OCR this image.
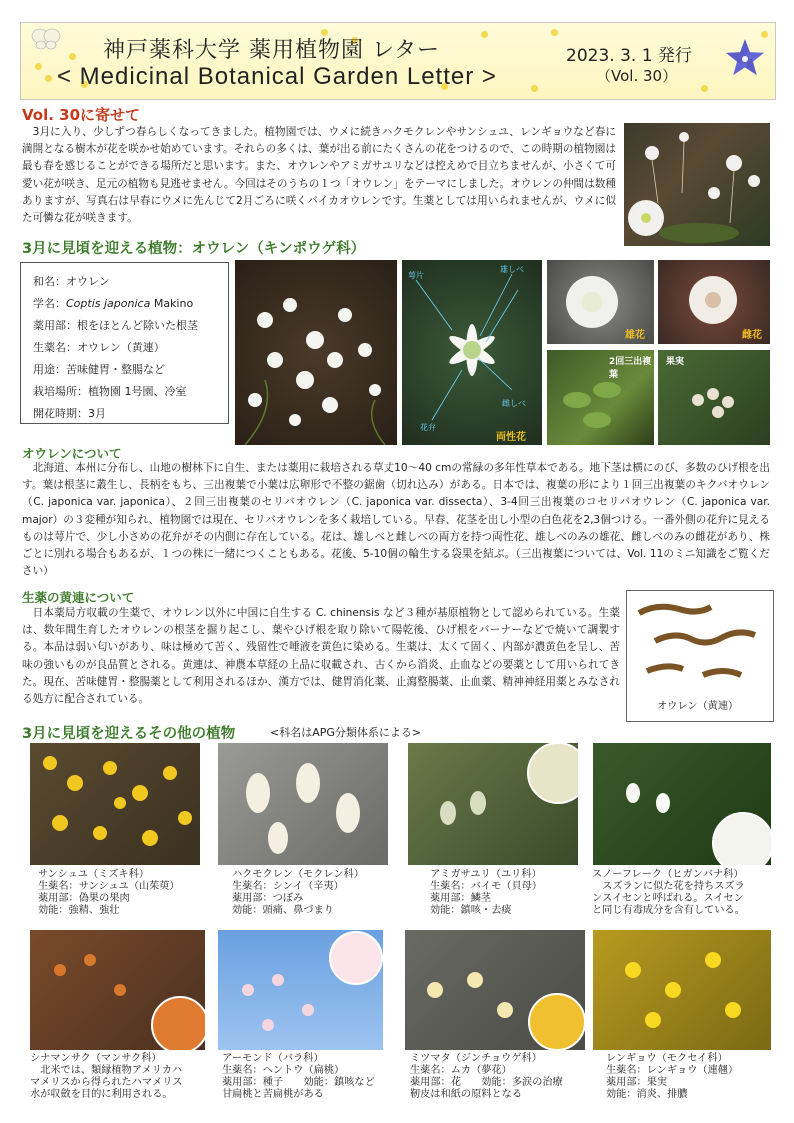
神戸薬科大学 薬用植物園 レター
< Medicinal Botanical Garden Letter >
2023. 3. 1 発行
（Vol. 30）
Vol. 30に寄せて
3月に入り、少しずつ春らしくなってきました。植物園では、ウメに続きハクモクレンやサンシュユ、レンギョウなど春に満開となる樹木が花を咲かせ始めています。それらの多くは、葉が出る前にたくさんの花をつけるので、この時期の植物園は最も春を感じることができる場所だと思います。また、オウレンやアミガサユリなどは控えめで目立ちませんが、小さくて可愛い花が咲き、足元の植物も見逃せません。今回はそのうちの１つ「オウレン」をテーマにしました。オウレンの仲間は数種ありますが、写真右は早春にウメに先んじて2月ごろに咲くバイカオウレンです。生薬としては用いられませんが、ウメに似た可憐な花が咲きます。
3月に見頃を迎える植物：オウレン（キンポウゲ科）
和名：オウレン
学名：Coptis japonica Makino
薬用部：根をほとんど除いた根茎
生薬名：オウレン（黄連）
用途：苦味健胃・整腸など
栽培場所：植物園 1号園、冷室
開花時期：3月
萼片
雄しべ
雌しべ
花弁
両性花
雄花	雌花
2回三出複葉
果実
オウレンについて
北海道、本州に分布し、山地の樹林下に自生、または薬用に栽培される草丈10～40 cmの常緑の多年性草本である。地下茎は横にのび、多数のひげ根を出す。葉は根茎に叢生し、長柄をもち、三出複葉で小葉は広卵形で不整の鋸歯（切れ込み）がある。日本では、複葉の形により１回三出複葉のキクバオウレン（C. japonica var. japonica）、２回三出複葉のセリバオウレン（C. japonica var. dissecta）、3-4回三出複葉のコセリバオウレン（C. japonica var. major）の３変種が知られ、植物園では現在、セリバオウレンを多く栽培している。早春、花茎を出し小型の白色花を2,3個つける。一番外側の花弁に見えるものは萼片で、少し小さめの花弁がその内側に存在している。花は、雄しべと雌しべの両方を持つ両性花、雄しべのみの雄花、雌しべのみの雌花があり、株ごとに別れる場合もあるが、１つの株に一緒につくこともある。花後、5-10個の輪生する袋果を結ぶ。（三出複葉については、Vol. 11のミニ知識をご覧ください）
生薬の黄連について
日本薬局方収載の生薬で、オウレン以外に中国に自生する C. chinensis など３種が基原植物として認められている。生薬は、数年間生育したオウレンの根茎を掘り起こし、葉やひげ根を取り除いて陽乾後、ひげ根をバーナーなどで焼いて調製する。本品は弱い匂いがあり、味は極めて苦く、残留性で唾液を黄色に染める。生薬は、太くて固く、内部が濃黄色を呈し、苦味の強いものが良品質とされる。黄連は、神農本草経の上品に収載され、古くから消炎、止血などの要薬として用いられてきた。現在、苦味健胃・整腸薬として利用されるほか、漢方では、健胃消化薬、止瀉整腸薬、止血薬、精神神経用薬とみなされる処方に配合されている。
オウレン（黄連）
3月に見頃を迎えるその他の植物	<科名はAPG分類体系による>
サンシュユ（ミズキ科）
生薬名：サンシュユ（山茱萸）
薬用部：偽果の果肉
効能：強精、強壮
ハクモクレン（モクレン科）
生薬名：シンイ（辛夷）
薬用部：つぼみ
効能：頭痛、鼻づまり
アミガサユリ（ユリ科）
生薬名：バイモ（貝母）
薬用部：鱗茎
効能：鎮咳・去痰
スノーフレーク（ヒガンバナ科）
　スズランに似た花を持ちスズラ
ンスイセンと呼ばれる。スイセン
と同じ有毒成分を含有している。
シナマンサク（マンサク科）
　北米では、類縁植物アメリカハ
マメリスから得られたハマメリス
水が収斂を目的に利用される。
アーモンド（バラ科）
生薬名：ヘントウ（扁桃）
薬用部：種子　　効能：鎮咳など
甘扁桃と苦扁桃がある
ミツマタ（ジンチョウゲ科）
生薬名：ムカ（夢花）
薬用部：花　　効能：多涙の治療
靭皮は和紙の原料となる
レンギョウ（モクセイ科）
生薬名：レンギョウ（連翹）
薬用部：果実
効能：消炎、排膿
